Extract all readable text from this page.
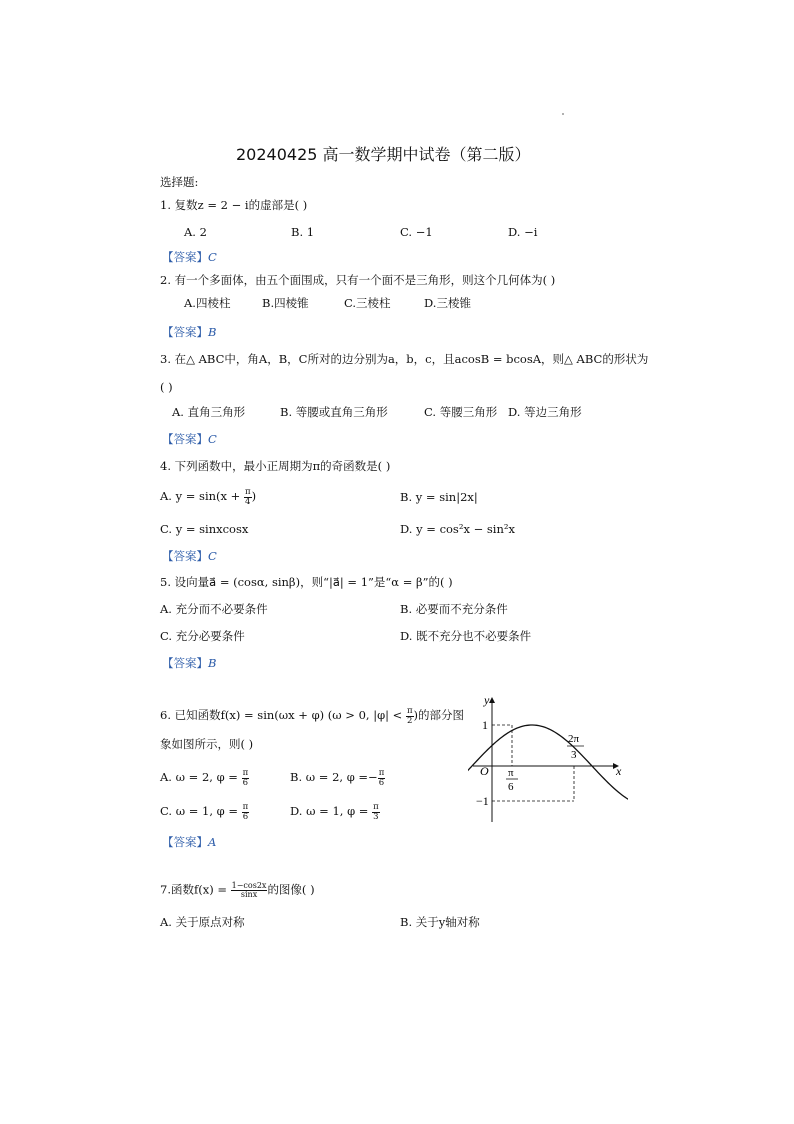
20240425 高一数学期中试卷（第二版）
选择题:
1. 复数z = 2 − i的虚部是( )
A. 2	B. 1	C. −1	D. −i
【答案】C
2. 有一个多面体，由五个面围成，只有一个面不是三角形，则这个几何体为( )
A.四棱柱	B.四棱锥	C.三棱柱	D.三棱锥
【答案】B
3. 在△ ABC中，角A，B，C所对的边分别为a，b，c，且acosB = bcosA，则△ ABC的形状为
( )
A. 直角三角形	B. 等腰或直角三角形	C. 等腰三角形 D. 等边三角形
【答案】C
4. 下列函数中，最小正周期为π的奇函数是( )
A. $y = \sin(x + \frac{\pi}{4}$ )	B. y = sin|2x|
C. y = sinxcosx	D. y = cos²x − sin²x
【答案】C
5. 设向量a⃗ = (cosα, sinβ)，则“|a⃗| = 1”是“α = β”的( )
A. 充分而不必要条件	B. 必要而不充分条件
C. 充分必要条件	D. 既不充分也不必要条件
【答案】B
6. 已知函数f(x) = sin(ωx + φ) (ω > 0, $|\varphi| < \frac{\pi}{2}$ )的部分图
象如图所示，则( )
A. ω = 2, $\varphi = \frac{\pi}{6}$	B. ω = 2, $\varphi =- \frac{\pi}{6}$
C. ω = 1, $\varphi = \frac{\pi}{6}$	D. ω = 1, $\varphi = \frac{\pi}{3}$
【答案】A
y
x
O
1
−1
π
6
2π
3
7.函数$f(x) = \frac{1-\cos 2x}{\sin x}$ 的图像( )
A. 关于原点对称	B. 关于y轴对称
